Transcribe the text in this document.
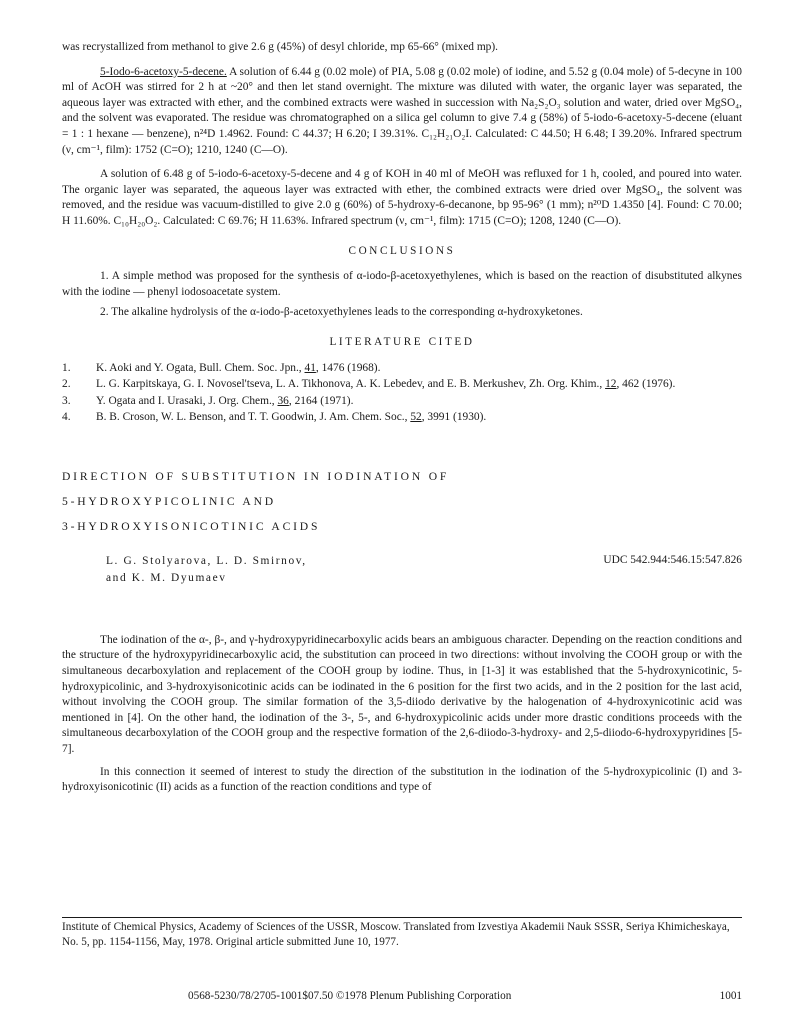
was recrystallized from methanol to give 2.6 g (45%) of desyl chloride, mp 65-66° (mixed mp).

5-Iodo-6-acetoxy-5-decene. A solution of 6.44 g (0.02 mole) of PIA, 5.08 g (0.02 mole) of iodine, and 5.52 g (0.04 mole) of 5-decyne in 100 ml of AcOH was stirred for 2 h at ~20° and then let stand overnight. The mixture was diluted with water, the organic layer was separated, the aqueous layer was extracted with ether, and the combined extracts were washed in succession with Na₂S₂O₃ solution and water, dried over MgSO₄, and the solvent was evaporated. The residue was chromatographed on a silica gel column to give 7.4 g (58%) of 5-iodo-6-acetoxy-5-decene (eluant = 1 : 1 hexane — benzene), n²⁴D 1.4962. Found: C 44.37; H 6.20; I 39.31%. C₁₂H₂₁O₂I. Calculated: C 44.50; H 6.48; I 39.20%. Infrared spectrum (ν, cm⁻¹, film): 1752 (C=O); 1210, 1240 (C—O).

A solution of 6.48 g of 5-iodo-6-acetoxy-5-decene and 4 g of KOH in 40 ml of MeOH was refluxed for 1 h, cooled, and poured into water. The organic layer was separated, the aqueous layer was extracted with ether, the combined extracts were dried over MgSO₄, the solvent was removed, and the residue was vacuum-distilled to give 2.0 g (60%) of 5-hydroxy-6-decanone, bp 95-96° (1 mm); n²⁰D 1.4350 [4]. Found: C 70.00; H 11.60%. C₁₀H₂₀O₂. Calculated: C 69.76; H 11.63%. Infrared spectrum (ν, cm⁻¹, film): 1715 (C=O); 1208, 1240 (C—O).

CONCLUSIONS

1. A simple method was proposed for the synthesis of α-iodo-β-acetoxyethylenes, which is based on the reaction of disubstituted alkynes with the iodine — phenyl iodosoacetate system.

2. The alkaline hydrolysis of the α-iodo-β-acetoxyethylenes leads to the corresponding α-hydroxyketones.

LITERATURE CITED
1. K. Aoki and Y. Ogata, Bull. Chem. Soc. Jpn., 41, 1476 (1968).
2. L. G. Karpitskaya, G. I. Novosel'tseva, L. A. Tikhonova, A. K. Lebedev, and E. B. Merkushev, Zh. Org. Khim., 12, 462 (1976).
3. Y. Ogata and I. Urasaki, J. Org. Chem., 36, 2164 (1971).
4. B. B. Croson, W. L. Benson, and T. T. Goodwin, J. Am. Chem. Soc., 52, 3991 (1930).
DIRECTION OF SUBSTITUTION IN IODINATION OF
5-HYDROXYPICOLINIC AND
3-HYDROXYISONICOTINIC ACIDS
L. G. Stolyarova, L. D. Smirnov,
and K. M. Dyumaev
UDC 542.944:546.15:547.826

The iodination of the α-, β-, and γ-hydroxypyridinecarboxylic acids bears an ambiguous character. Depending on the reaction conditions and the structure of the hydroxypyridinecarboxylic acid, the substitution can proceed in two directions: without involving the COOH group or with the simultaneous decarboxylation and replacement of the COOH group by iodine. Thus, in [1-3] it was established that the 5-hydroxynicotinic, 5-hydroxypicolinic, and 3-hydroxyisonicotinic acids can be iodinated in the 6 position for the first two acids, and in the 2 position for the last acid, without involving the COOH group. The similar formation of the 3,5-diiodo derivative by the halogenation of 4-hydroxynicotinic acid was mentioned in [4]. On the other hand, the iodination of the 3-, 5-, and 6-hydroxypicolinic acids under more drastic conditions proceeds with the simultaneous decarboxylation of the COOH group and the respective formation of the 2,6-diiodo-3-hydroxy- and 2,5-diiodo-6-hydroxypyridines [5-7].

In this connection it seemed of interest to study the direction of the substitution in the iodination of the 5-hydroxypicolinic (I) and 3-hydroxyisonicotinic (II) acids as a function of the reaction conditions and type of

Institute of Chemical Physics, Academy of Sciences of the USSR, Moscow. Translated from Izvestiya Akademii Nauk SSSR, Seriya Khimicheskaya, No. 5, pp. 1154-1156, May, 1978. Original article submitted June 10, 1977.
0568-5230/78/2705-1001$07.50 ©1978 Plenum Publishing Corporation	1001
